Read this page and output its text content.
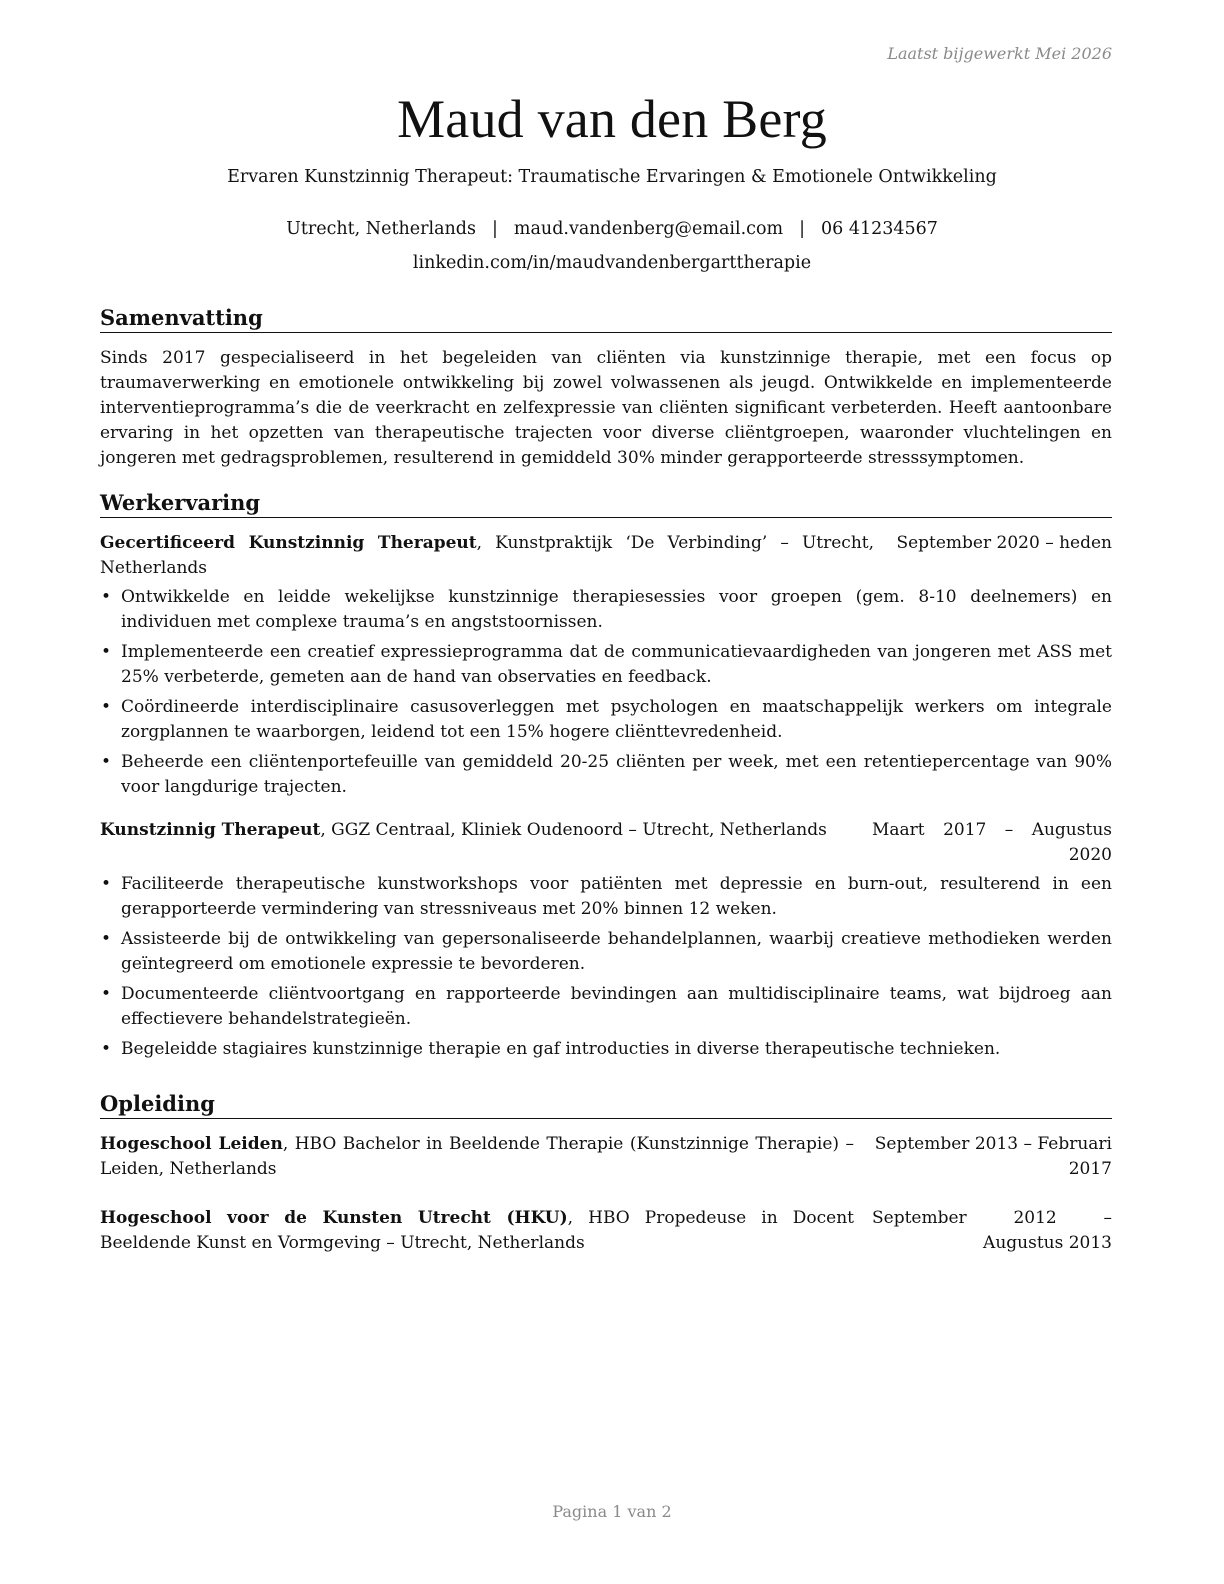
Laatst bijgewerkt Mei 2026
Maud van den Berg
Ervaren Kunstzinnig Therapeut: Traumatische Ervaringen & Emotionele Ontwikkeling
Utrecht, Netherlands | maud.vandenberg@email.com | 06 41234567
linkedin.com/in/maudvandenbergarttherapie
Samenvatting

Sinds 2017 gespecialiseerd in het begeleiden van cliënten via kunstzinnige therapie, met een focus op traumaverwerking en emotionele ontwikkeling bij zowel volwassenen als jeugd. Ontwikkelde en implementeerde interventieprogramma’s die de veerkracht en zelfexpressie van cliënten significant verbeterden. Heeft aantoonbare ervaring in het opzetten van therapeutische trajecten voor diverse cliëntgroepen, waaronder vluchtelingen en jongeren met gedragsproblemen, resulterend in gemiddeld 30% minder gerapporteerde stresssymptomen.

Werkervaring
Gecertificeerd Kunstzinnig Therapeut, Kunstpraktijk ‘De Verbinding’ – Utrecht, Netherlands
September 2020 – heden
• Ontwikkelde en leidde wekelijkse kunstzinnige therapiesessies voor groepen (gem. 8-10 deelnemers) en individuen met complexe trauma’s en angststoornissen.
• Implementeerde een creatief expressieprogramma dat de communicatievaardigheden van jongeren met ASS met 25% verbeterde, gemeten aan de hand van observaties en feedback.
• Coördineerde interdisciplinaire casusoverleggen met psychologen en maatschappelijk werkers om integrale zorgplannen te waarborgen, leidend tot een 15% hogere cliënttevredenheid.
• Beheerde een cliëntenportefeuille van gemiddeld 20-25 cliënten per week, met een retentiepercentage van 90% voor langdurige trajecten.
Kunstzinnig Therapeut, GGZ Centraal, Kliniek Oudenoord – Utrecht, Netherlands	Maart 2017 – Augustus 2020
• Faciliteerde therapeutische kunstworkshops voor patiënten met depressie en burn-out, resulterend in een gerapporteerde vermindering van stressniveaus met 20% binnen 12 weken.
• Assisteerde bij de ontwikkeling van gepersonaliseerde behandelplannen, waarbij creatieve methodieken werden geïntegreerd om emotionele expressie te bevorderen.
• Documenteerde cliëntvoortgang en rapporteerde bevindingen aan multidisciplinaire teams, wat bijdroeg aan effectievere behandelstrategieën.
• Begeleidde stagiaires kunstzinnige therapie en gaf introducties in diverse therapeutische technieken.
Opleiding
Hogeschool Leiden, HBO Bachelor in Beeldende Therapie (Kunstzinnige Therapie) – Leiden, Netherlands
September 2013 – Februari 2017
Hogeschool voor de Kunsten Utrecht (HKU), HBO Propedeuse in Docent Beeldende Kunst en Vormgeving – Utrecht, Netherlands
September 2012 – Augustus 2013
Pagina 1 van 2
